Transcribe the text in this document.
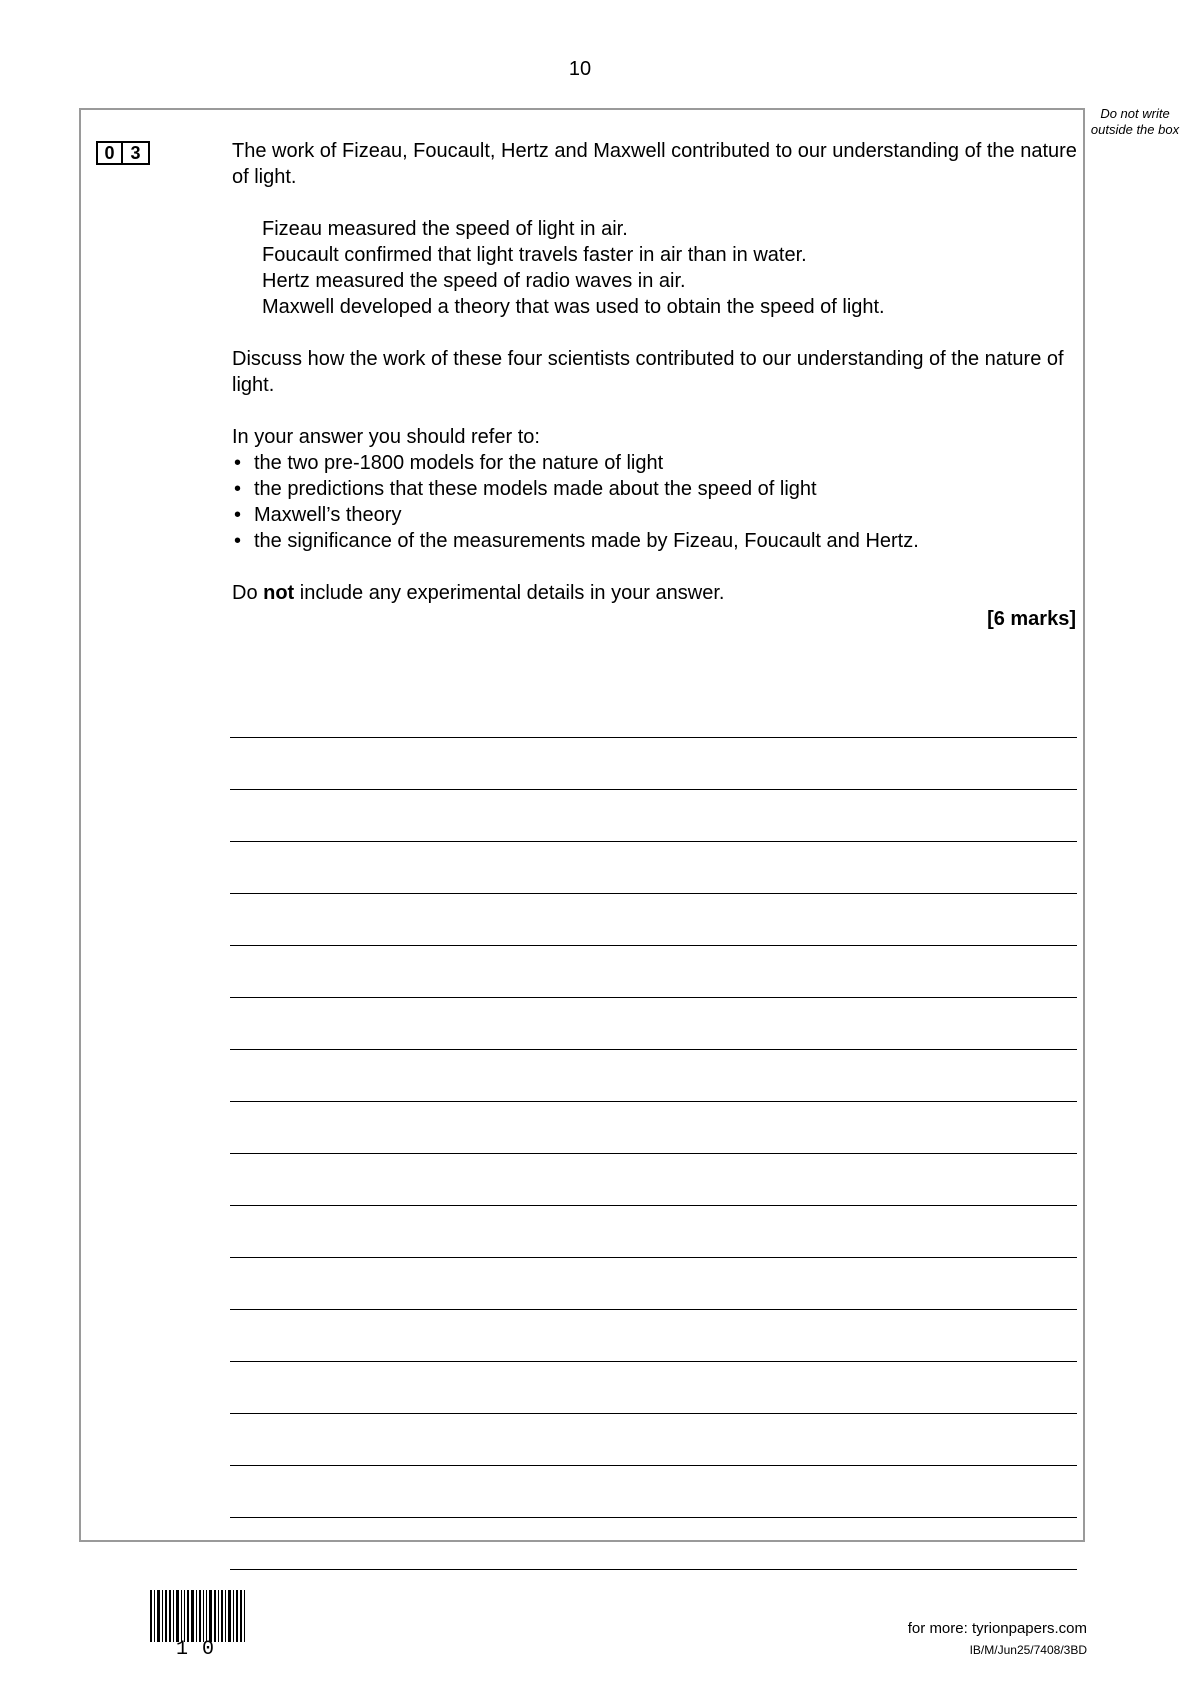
10
Do not write outside the box
0 3	The work of Fizeau, Foucault, Hertz and Maxwell contributed to our understanding of the nature of light.

Fizeau measured the speed of light in air.

Foucault confirmed that light travels faster in air than in water.

Hertz measured the speed of radio waves in air.

Maxwell developed a theory that was used to obtain the speed of light.

Discuss how the work of these four scientists contributed to our understanding of the nature of light.

In your answer you should refer to:

• the two pre-1800 models for the nature of light
• the predictions that these models made about the speed of light
• Maxwell’s theory
• the significance of the measurements made by Fizeau, Foucault and Hertz.

Do not include any experimental details in your answer.

[6 marks]

10
for more: tyrionpapers.com
IB/M/Jun25/7408/3BD
